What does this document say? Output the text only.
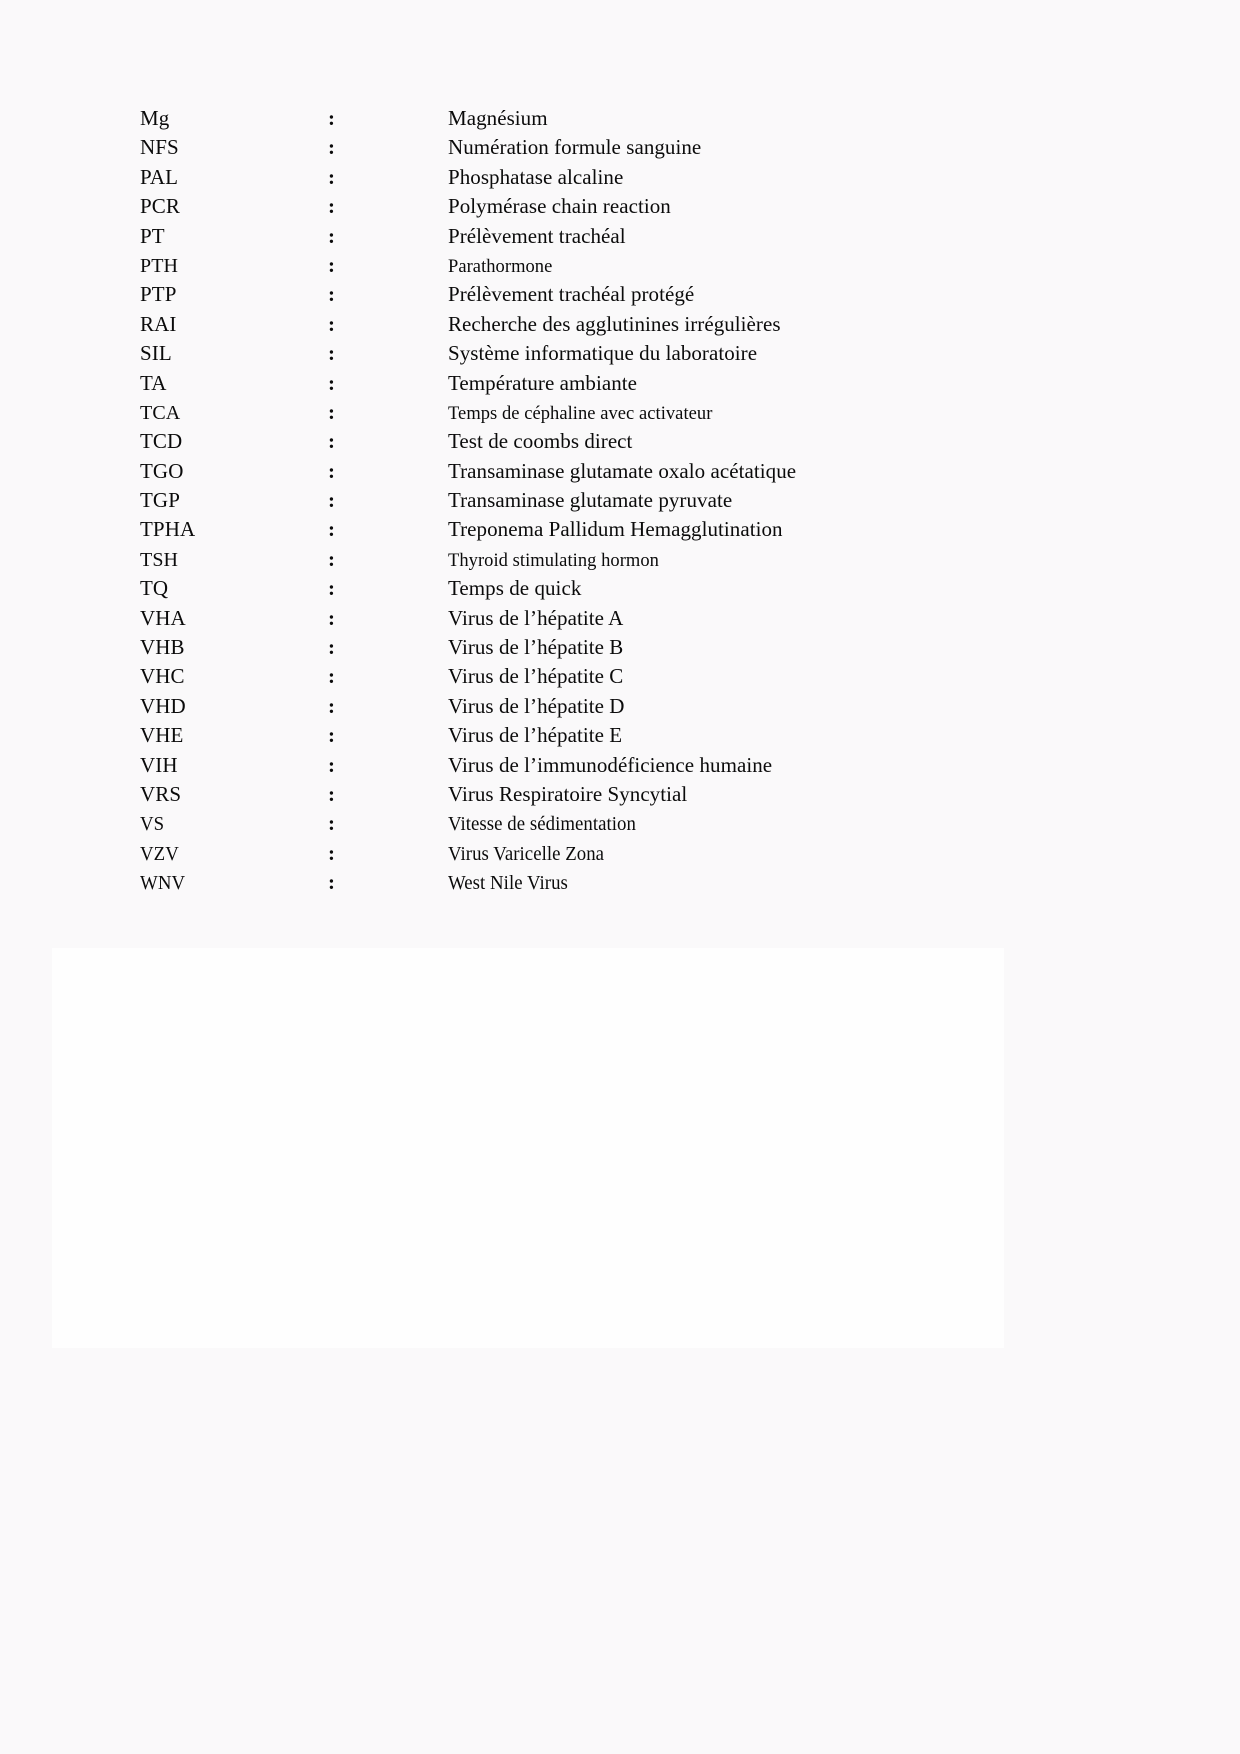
Mg	:	Magnésium
NFS	:	Numération formule sanguine
PAL	:	Phosphatase alcaline
PCR	:	Polymérase chain reaction
PT	:	Prélèvement trachéal
PTH	:	Parathormone
PTP	:	Prélèvement trachéal protégé
RAI	:	Recherche des agglutinines irrégulières
SIL	:	Système informatique du laboratoire
TA	:	Température ambiante
TCA	:	Temps de céphaline avec activateur
TCD	:	Test de coombs direct
TGO	:	Transaminase glutamate oxalo acétatique
TGP	:	Transaminase glutamate pyruvate
TPHA	:	Treponema Pallidum Hemagglutination
TSH	:	Thyroid stimulating hormon
TQ	:	Temps de quick
VHA	:	Virus de l’hépatite A
VHB	:	Virus de l’hépatite B
VHC	:	Virus de l’hépatite C
VHD	:	Virus de l’hépatite D
VHE	:	Virus de l’hépatite E
VIH	:	Virus de l’immunodéficience humaine
VRS	:	Virus Respiratoire Syncytial
VS	:	Vitesse de sédimentation
VZV	:	Virus Varicelle Zona
WNV	:	West Nile Virus
